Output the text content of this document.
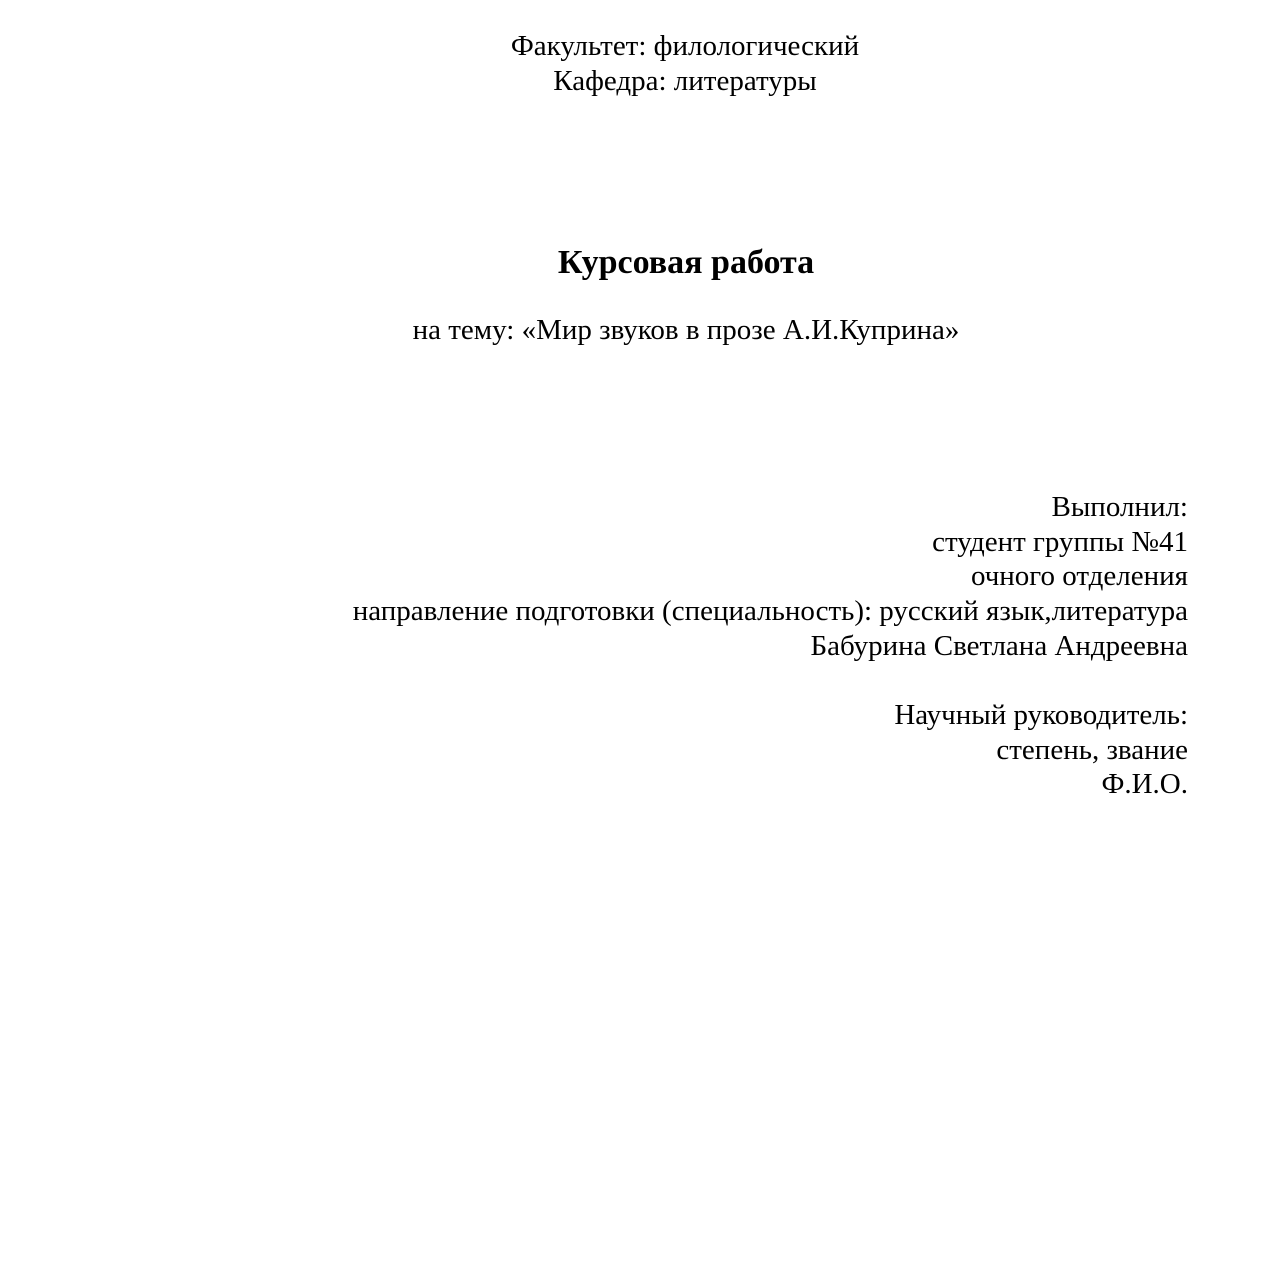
Факультет: филологический
Кафедра: литературы
Курсовая работа
на тему: «Мир звуков в прозе А.И.Куприна»
Выполнил:
студент группы №41
очного отделения
направление подготовки (специальность): русский язык,литература
Бабурина Светлана Андреевна
Научный руководитель:
степень, звание
Ф.И.О.
